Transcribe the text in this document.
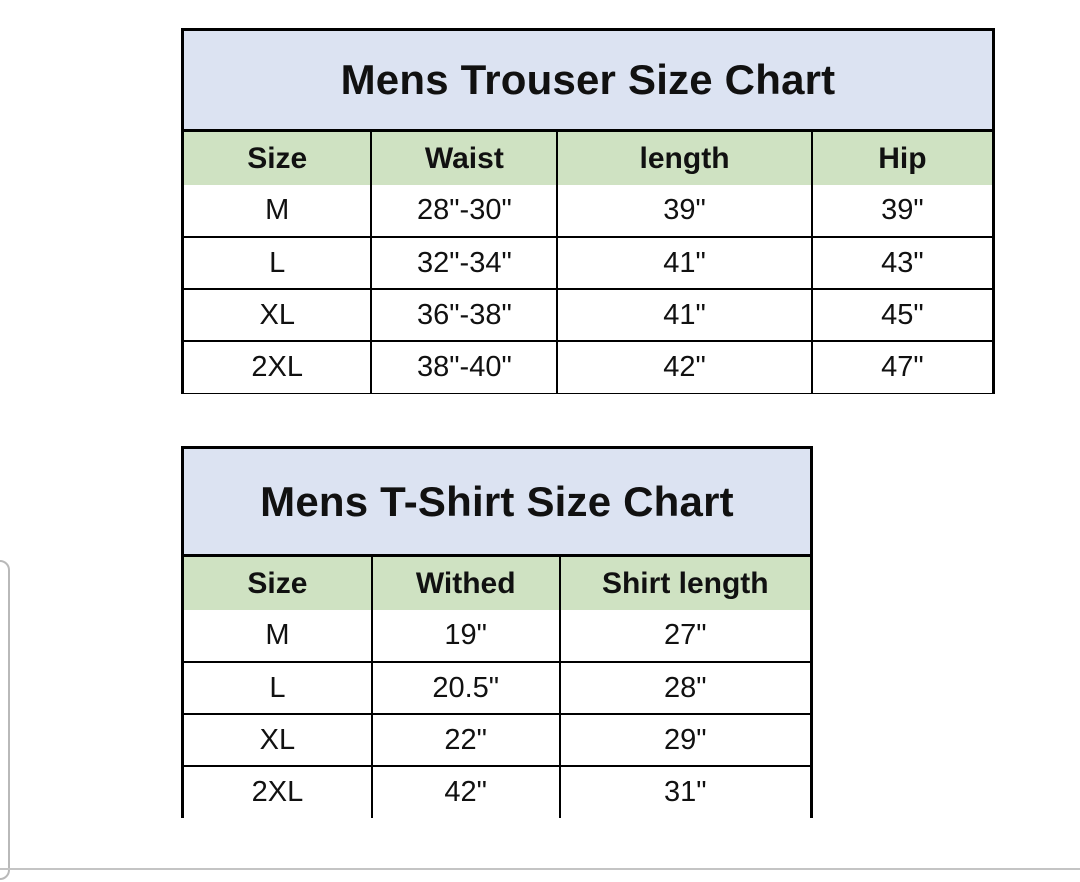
Mens Trouser Size Chart
Size	Waist	length	Hip
M	28"-30"	39"	39"
L	32"-34"	41"	43"
XL	36"-38"	41"	45"
2XL	38"-40"	42"	47"
Mens T-Shirt Size Chart
Size	Withed	Shirt length
M	19"	27"
L	20.5"	28"
XL	22"	29"
2XL	42"	31"
